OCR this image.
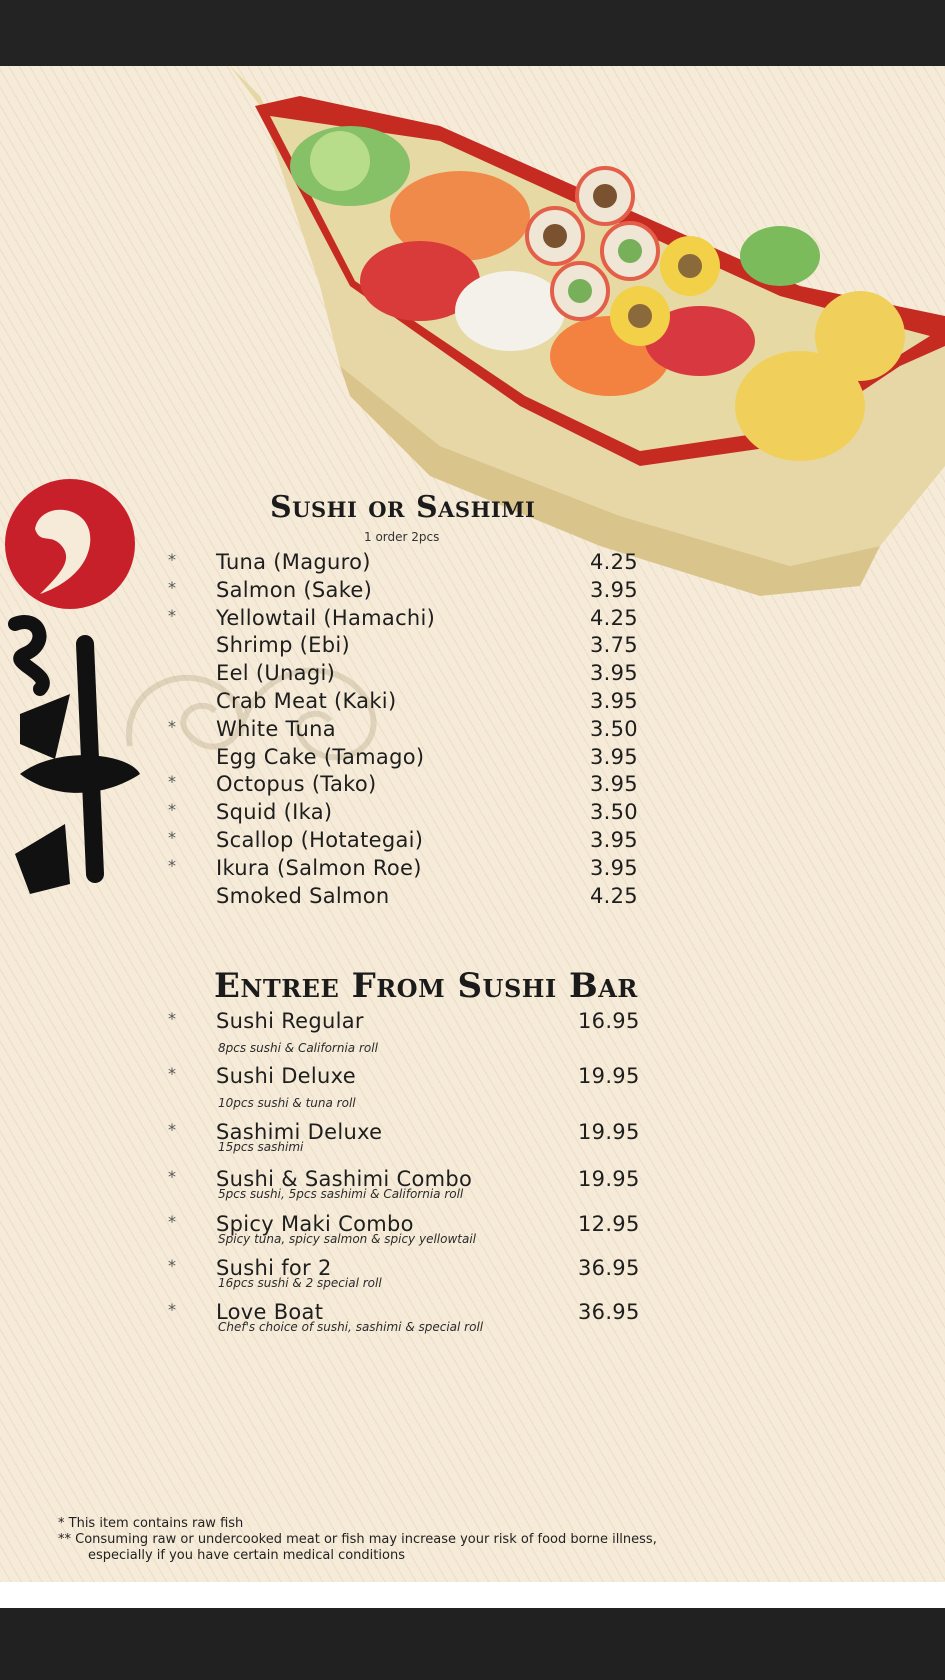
Sushi or Sashimi
1 order 2pcs
* Tuna (Maguro)	4.25
* Salmon (Sake)	3.95
* Yellowtail (Hamachi)	4.25
Shrimp (Ebi)	3.75
Eel (Unagi)	3.95
Crab Meat (Kaki)	3.95
* White Tuna	3.50
Egg Cake (Tamago)	3.95
* Octopus (Tako)	3.95
* Squid (Ika)	3.50
* Scallop (Hotategai)	3.95
* Ikura (Salmon Roe)	3.95
Smoked Salmon	4.25
Entree From Sushi Bar
* Sushi Regular	16.95
8pcs sushi & California roll
* Sushi Deluxe	19.95
10pcs sushi & tuna roll
* Sashimi Deluxe	19.95
15pcs sashimi
* Sushi & Sashimi Combo	19.95
5pcs sushi, 5pcs sashimi & California roll
* Spicy Maki Combo	12.95
Spicy tuna, spicy salmon & spicy yellowtail
* Sushi for 2	36.95
16pcs sushi & 2 special roll
* Love Boat	36.95
Chef's choice of sushi, sashimi & special roll
* This item contains raw fish
** Consuming raw or undercooked meat or fish may increase your risk of food borne illness,
especially if you have certain medical conditions
